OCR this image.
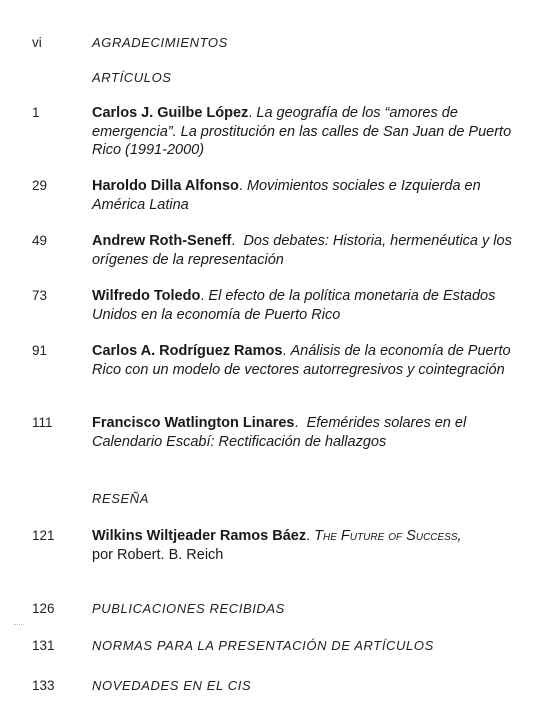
vi	AGRADECIMIENTOS
ARTÍCULOS
1	Carlos J. Guilbe López. La geografía de los “amores de emergencia”. La prostitución en las calles de San Juan de Puerto Rico (1991-2000)
29	Haroldo Dilla Alfonso. Movimientos sociales e Izquierda en América Latina
49	Andrew Roth-Seneff.  Dos debates: Historia, hermenéutica y los orígenes de la representación
73	Wilfredo Toledo. El efecto de la política monetaria de Estados Unidos en la economía de Puerto Rico
91	Carlos A. Rodríguez Ramos. Análisis de la economía de Puerto Rico con un modelo de vectores autorregresivos y cointegración
111	Francisco Watlington Linares.  Efemérides solares en el Calendario Escabí: Rectificación de hallazgos
RESEÑA
121	Wilkins Wiltjeader Ramos Báez. The Future of Success,
por Robert. B. Reich
126	PUBLICACIONES RECIBIDAS
131	NORMAS PARA LA PRESENTACIÓN DE ARTÍCULOS
133	NOVEDADES EN EL CIS
